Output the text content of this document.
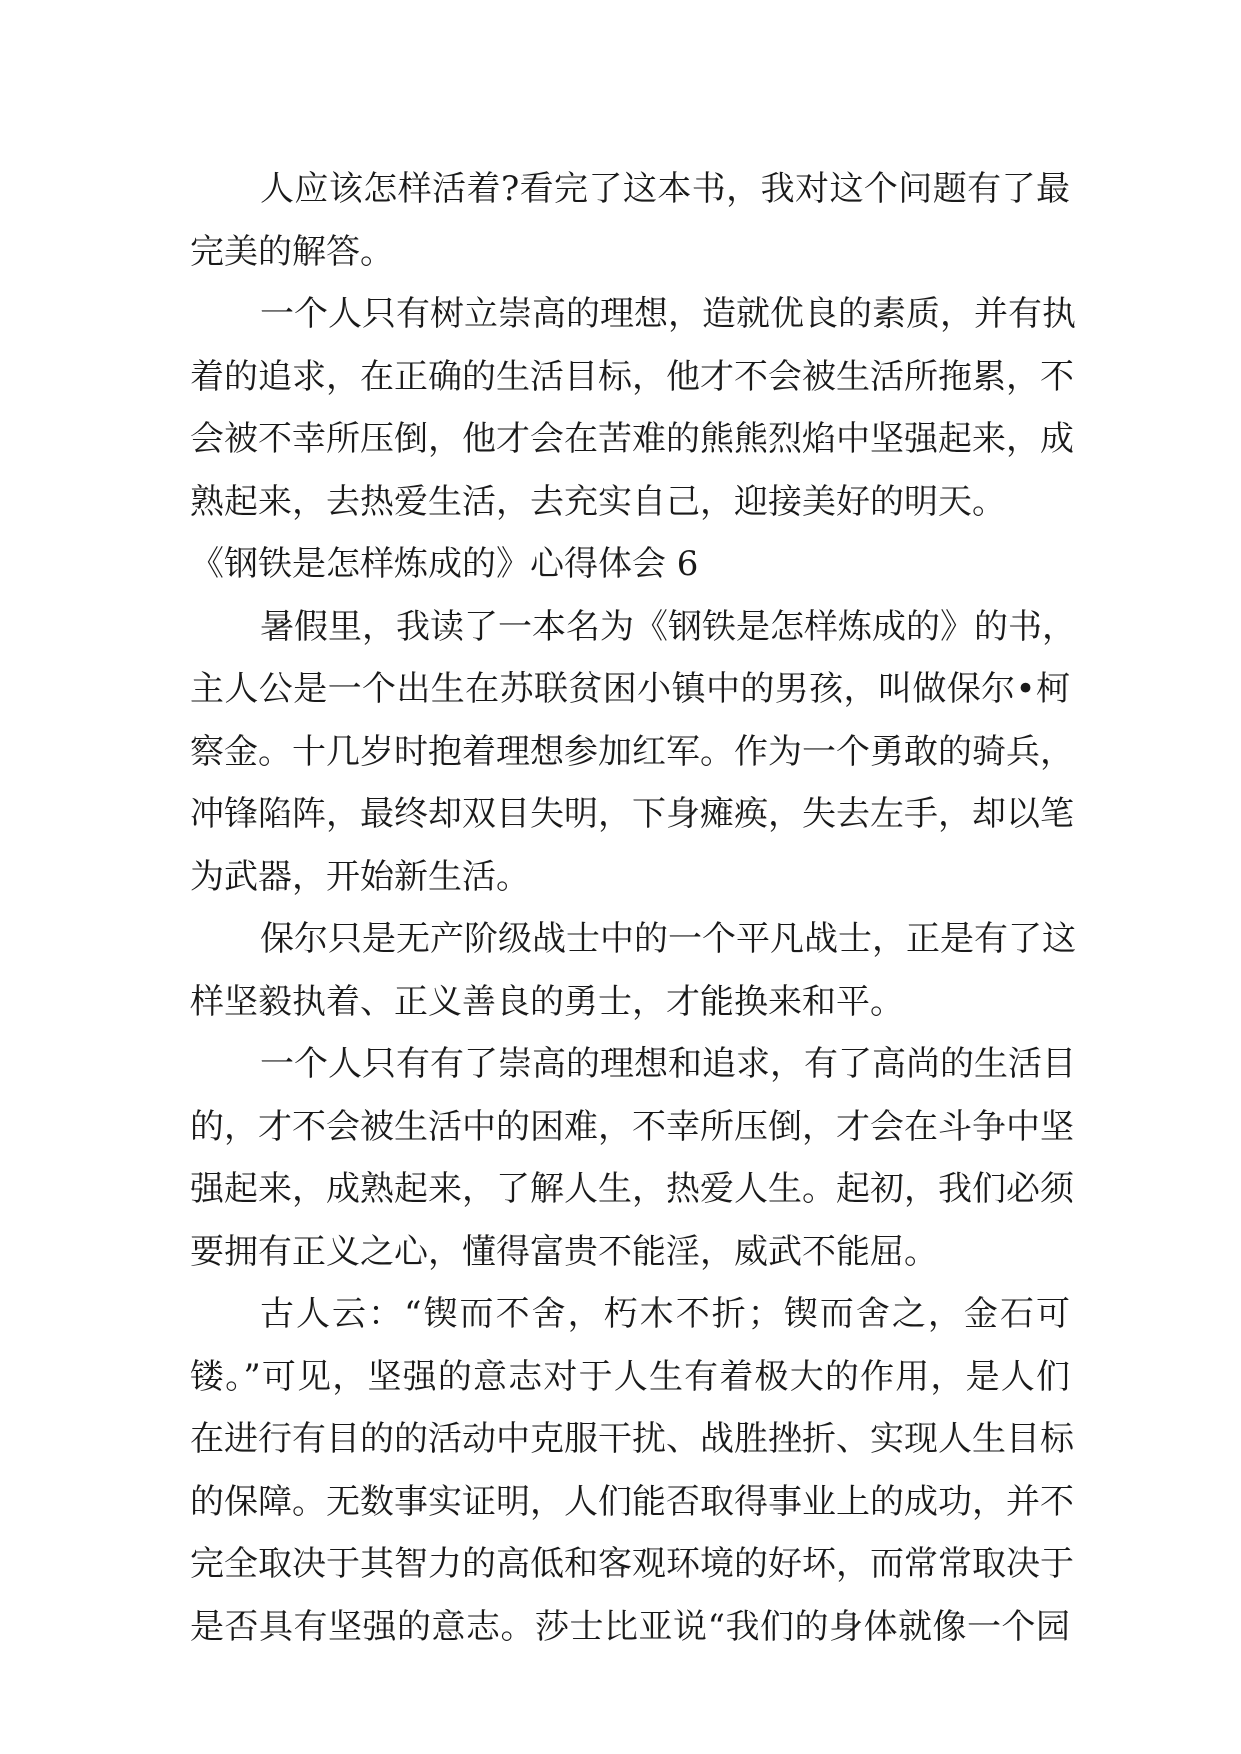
人应该怎样活着?看完了这本书，我对这个问题有了最
完美的解答。
一个人只有树立崇高的理想，造就优良的素质，并有执
着的追求，在正确的生活目标，他才不会被生活所拖累，不
会被不幸所压倒，他才会在苦难的熊熊烈焰中坚强起来，成
熟起来，去热爱生活，去充实自己，迎接美好的明天。
《钢铁是怎样炼成的》心得体会 6
暑假里，我读了一本名为《钢铁是怎样炼成的》的书，
主人公是一个出生在苏联贫困小镇中的男孩，叫做保尔•柯
察金。十几岁时抱着理想参加红军。作为一个勇敢的骑兵，
冲锋陷阵，最终却双目失明，下身瘫痪，失去左手，却以笔
为武器，开始新生活。
保尔只是无产阶级战士中的一个平凡战士，正是有了这
样坚毅执着、正义善良的勇士，才能换来和平。
一个人只有有了崇高的理想和追求，有了高尚的生活目
的，才不会被生活中的困难，不幸所压倒，才会在斗争中坚
强起来，成熟起来，了解人生，热爱人生。起初，我们必须
要拥有正义之心，懂得富贵不能淫，威武不能屈。
古人云：“锲而不舍，朽木不折；锲而舍之，金石可
镂。”可见，坚强的意志对于人生有着极大的作用，是人们
在进行有目的的活动中克服干扰、战胜挫折、实现人生目标
的保障。无数事实证明，人们能否取得事业上的成功，并不
完全取决于其智力的高低和客观环境的好坏，而常常取决于
是否具有坚强的意志。莎士比亚说“我们的身体就像一个园
